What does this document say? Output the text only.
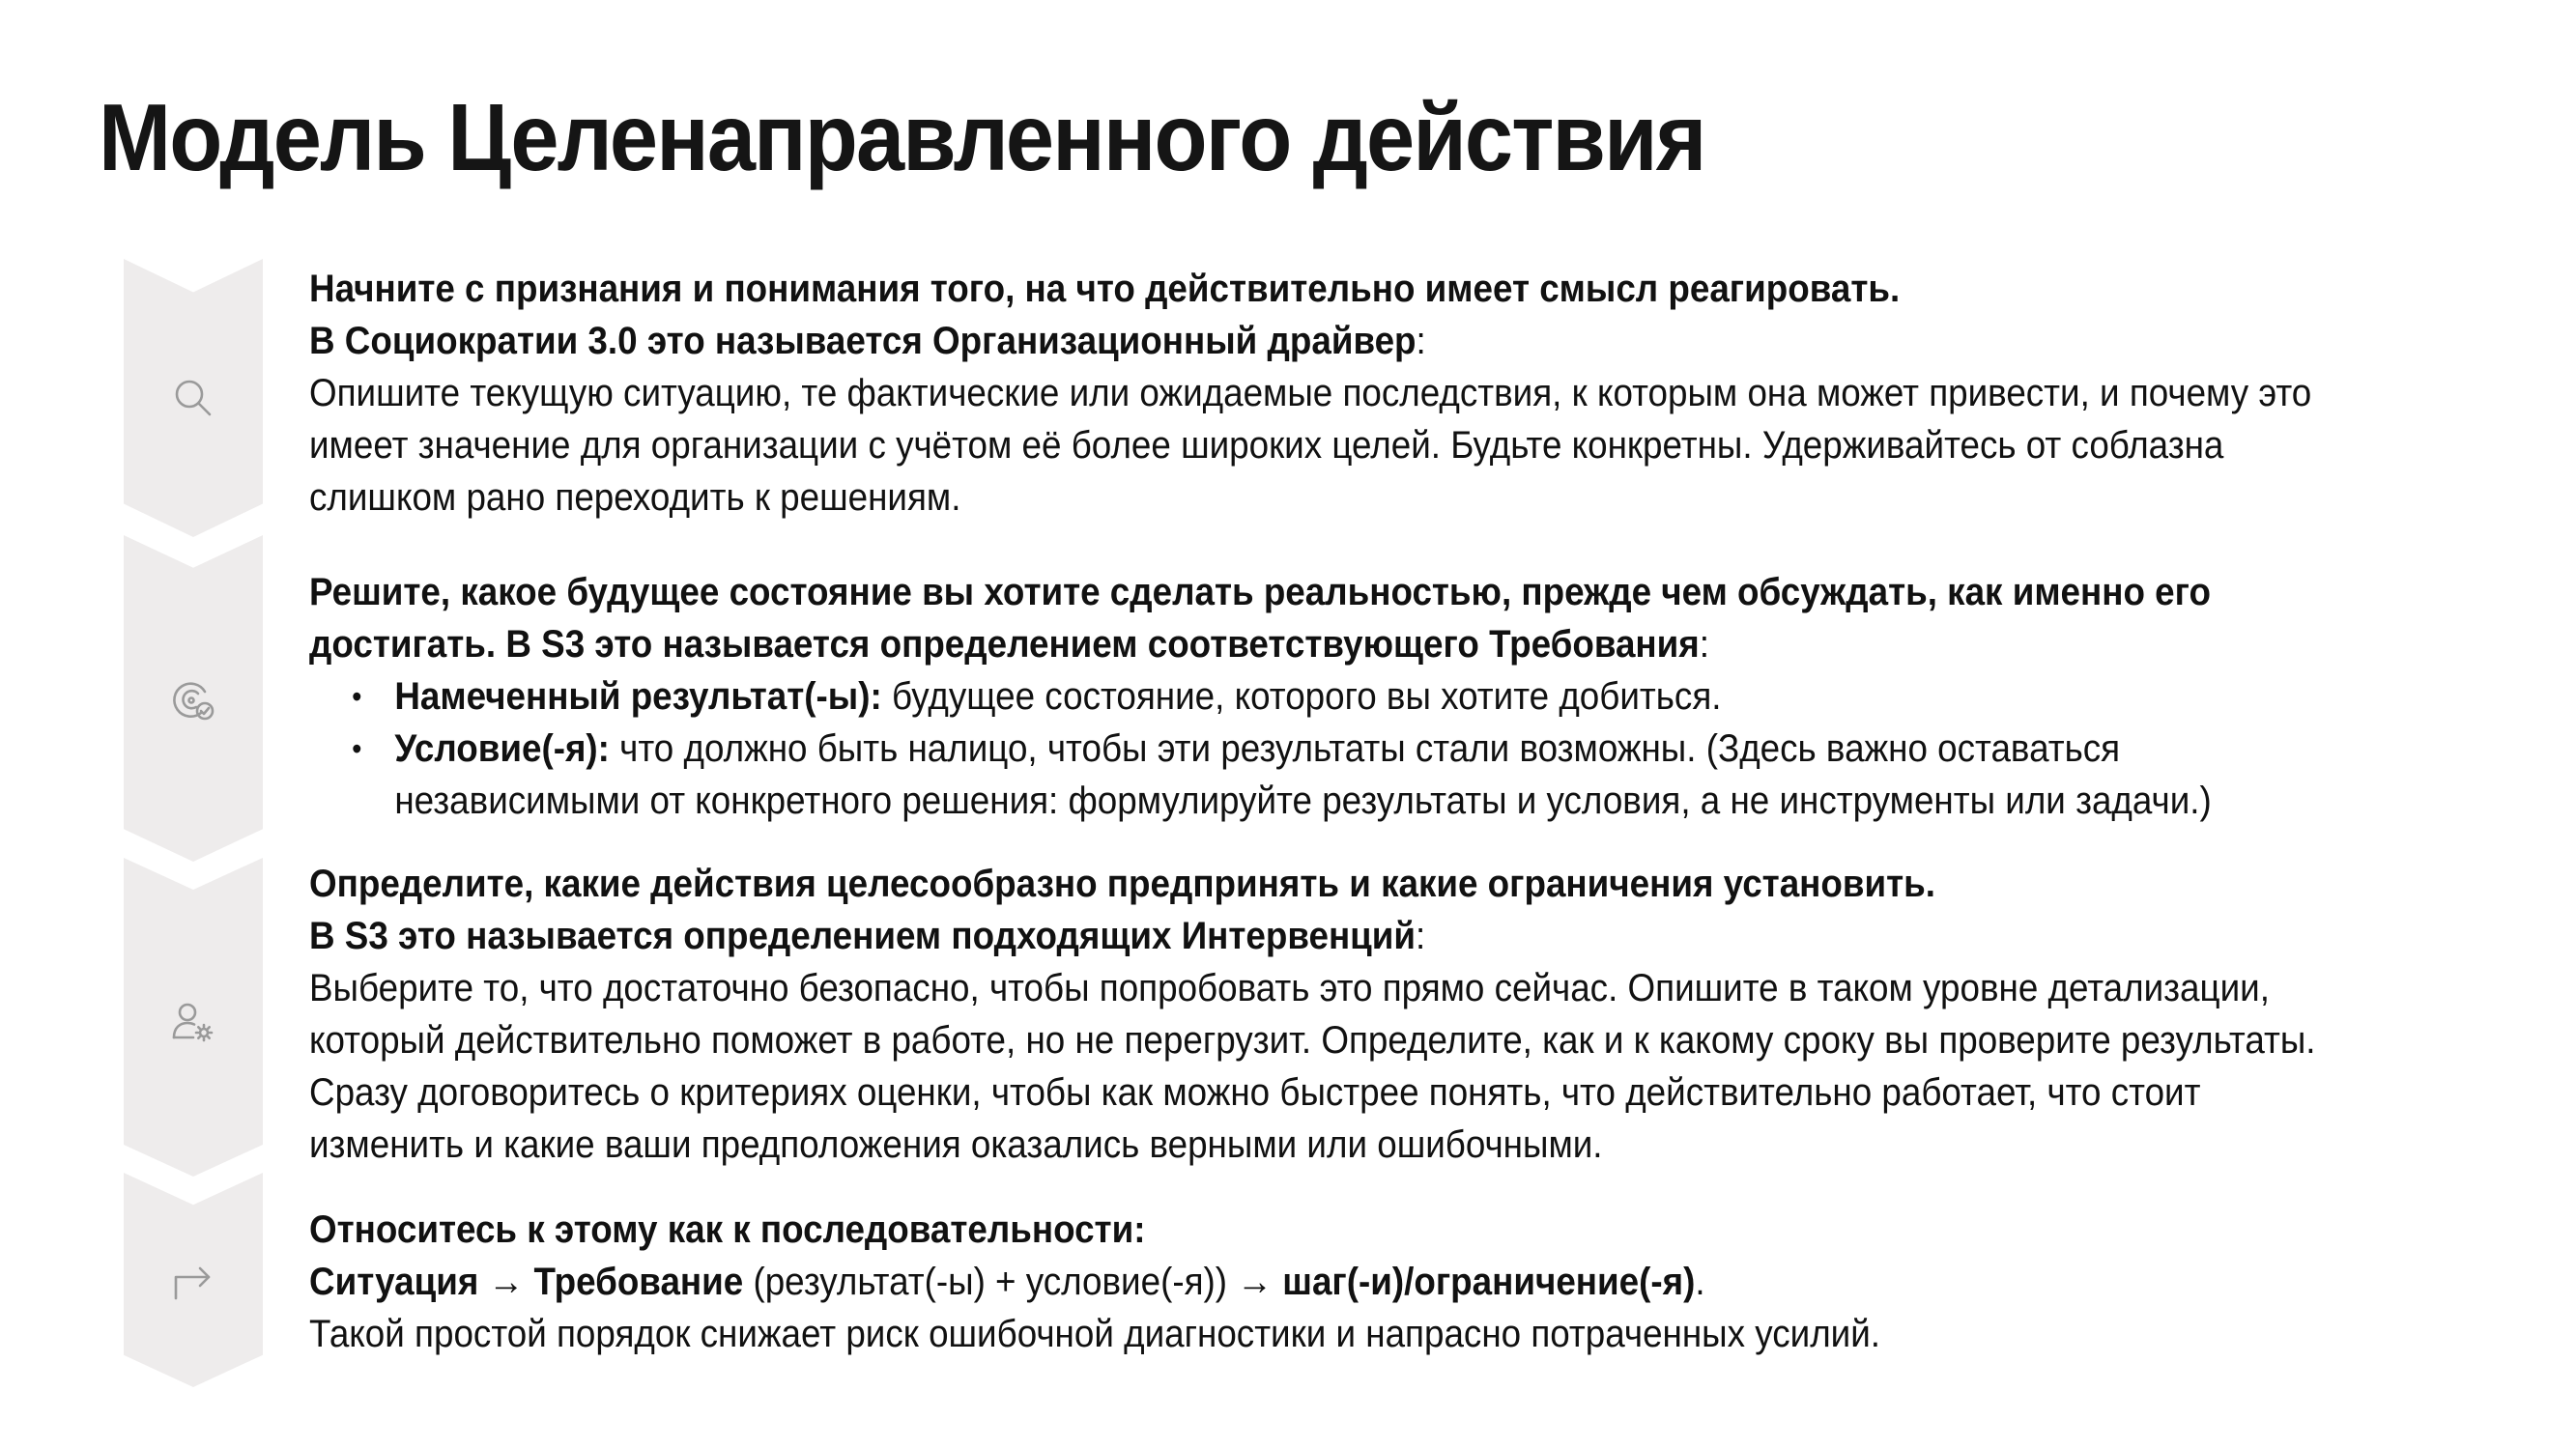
Модель Целенаправленного действия

Начните с признания и понимания того, на что действительно имеет смысл реагировать.

В Социократии 3.0 это называется Организационный драйвер:

Опишите текущую ситуацию, те фактические или ожидаемые последствия, к которым она может привести, и почему это имеет значение для организации с учётом её более широких целей. Будьте конкретны. Удерживайтесь от соблазна слишком рано переходить к решениям.

Решите, какое будущее состояние вы хотите сделать реальностью, прежде чем обсуждать, как именно его достигать. В S3 это называется определением соответствующего Требования:

• Намеченный результат(-ы): будущее состояние, которого вы хотите добиться.
• Условие(-я): что должно быть налицо, чтобы эти результаты стали возможны. (Здесь важно оставаться независимыми от конкретного решения: формулируйте результаты и условия, а не инструменты или задачи.)

Определите, какие действия целесообразно предпринять и какие ограничения установить.

В S3 это называется определением подходящих Интервенций:

Выберите то, что достаточно безопасно, чтобы попробовать это прямо сейчас. Опишите в таком уровне детализации, который действительно поможет в работе, но не перегрузит. Определите, как и к какому сроку вы проверите результаты. Сразу договоритесь о критериях оценки, чтобы как можно быстрее понять, что действительно работает, что стоит изменить и какие ваши предположения оказались верными или ошибочными.

Относитесь к этому как к последовательности:

Ситуация → Требование (результат(-ы) + условие(-я)) → шаг(-и)/ограничение(-я).

Такой простой порядок снижает риск ошибочной диагностики и напрасно потраченных усилий.
